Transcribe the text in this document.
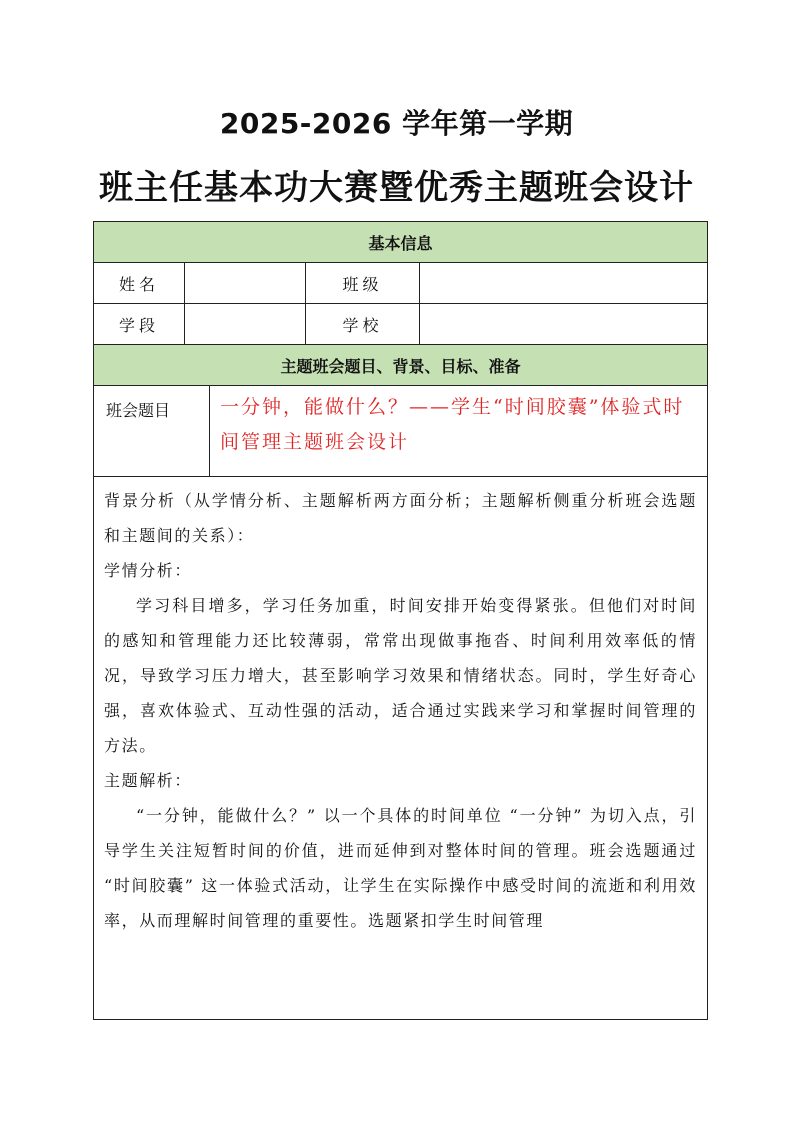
2025-2026 学年第一学期
班主任基本功大赛暨优秀主题班会设计
基本信息				
姓名			班级	
学段			学校	
主题班会题目、背景、目标、准备				
班会题目		一分钟，能做什么？——学生“时间胶囊”体验式时间管理主题班会设计		

背景分析（从学情分析、主题解析两方面分析；主题解析侧重分析班会选题和主题间的关系）：

学情分析：

学习科目增多，学习任务加重，时间安排开始变得紧张。但他们对时间的感知和管理能力还比较薄弱，常常出现做事拖沓、时间利用效率低的情况，导致学习压力增大，甚至影响学习效果和情绪状态。同时，学生好奇心强，喜欢体验式、互动性强的活动，适合通过实践来学习和掌握时间管理的方法。

主题解析：

“一分钟，能做什么？” 以一个具体的时间单位 “一分钟” 为切入点，引导学生关注短暂时间的价值，进而延伸到对整体时间的管理。班会选题通过 “时间胶囊” 这一体验式活动，让学生在实际操作中感受时间的流逝和利用效率，从而理解时间管理的重要性。选题紧扣学生时间管理				
